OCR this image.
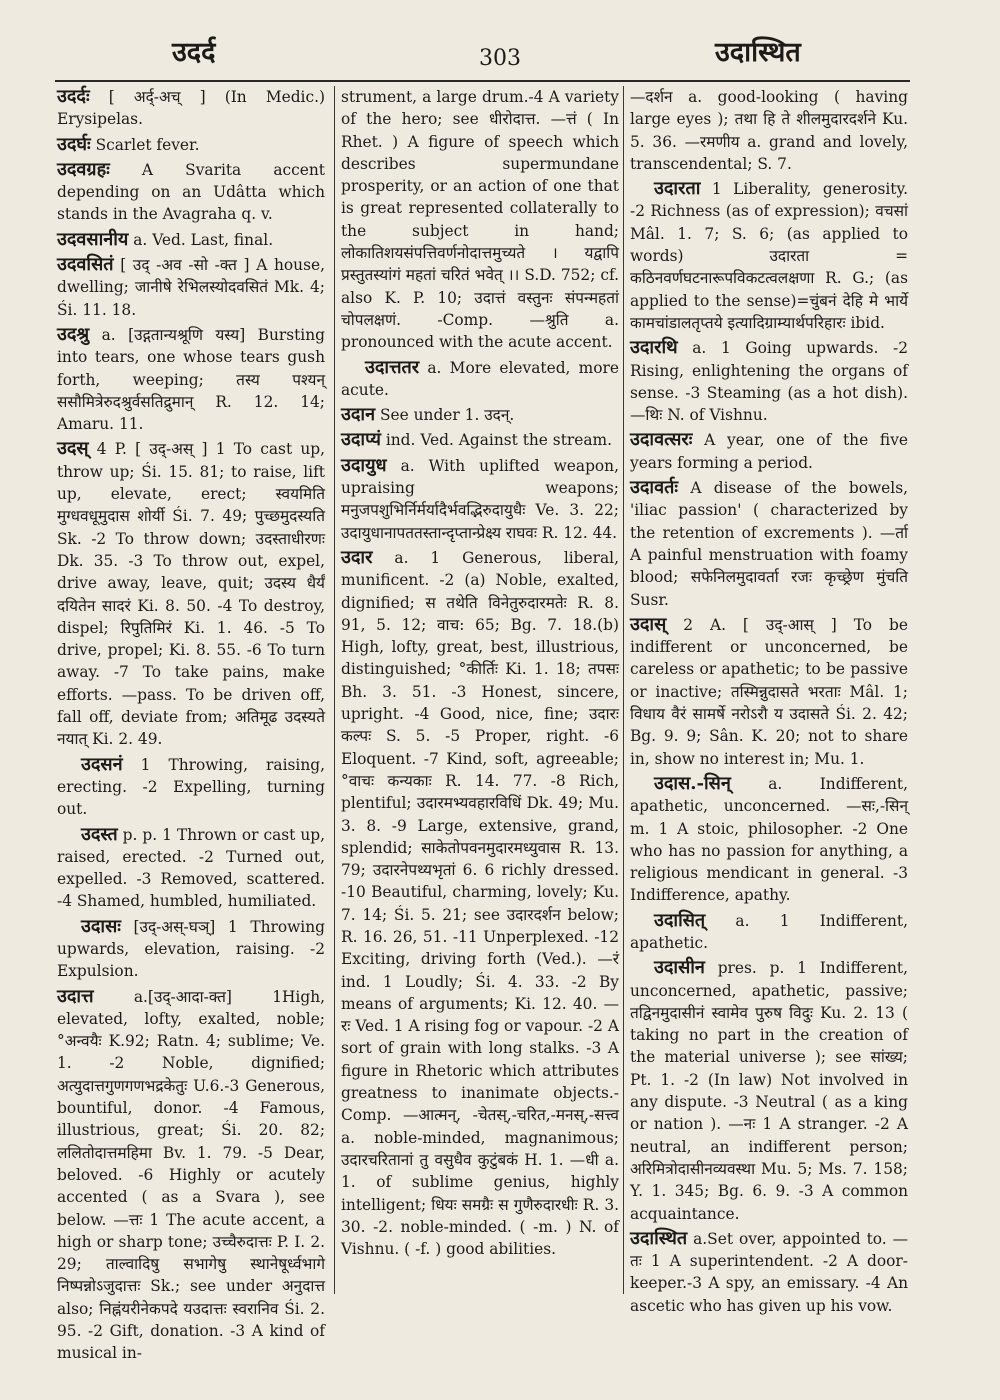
उदर्द	303	उदास्थित

उदर्दः [ अर्द्-अच् ] (In Medic.) Erysipelas.

उदर्घः Scarlet fever.

उदवग्रहः A Svarita accent depending on an Udâtta which stands in the Avagraha q. v.

उदवसानीय a. Ved. Last, final.

उदवसितं [ उद् -अव -सो -क्त ] A house, dwelling; जानीषे रेभिलस्योदवसितं Mk. 4; Śi. 11. 18.

उदश्रु a. [उद्गतान्यश्रूणि यस्य] Bursting into tears, one whose tears gush forth, weeping; तस्य पश्यन् ससौमित्रेरुदश्रुर्वसतिद्रुमान् R. 12. 14; Amaru. 11.

उदस् 4 P. [ उद्-अस् ] 1 To cast up, throw up; Śi. 15. 81; to raise, lift up, elevate, erect; स्वयमिति मुग्धवधूमुदास शोर्यी Śi. 7. 49; पुच्छमुदस्यति Sk. -2 To throw down; उदस्ताधीरणः Dk. 35. -3 To throw out, expel, drive away, leave, quit; उदस्य धैर्यं दयितेन सादरं Ki. 8. 50. -4 To destroy, dispel; रिपुतिमिरं Ki. 1. 46. -5 To drive, propel; Ki. 8. 55. -6 To turn away. -7 To take pains, make efforts. —pass. To be driven off, fall off, deviate from; अतिमूढ उदस्यते नयात् Ki. 2. 49.

उदसनं 1 Throwing, raising, erecting. -2 Expelling, turning out.

उदस्त p. p. 1 Thrown or cast up, raised, erected. -2 Turned out, expelled. -3 Removed, scattered. -4 Shamed, humbled, humiliated.

उदासः [उद्-अस्-घञ्] 1 Throwing upwards, elevation, raising. -2 Expulsion.

उदात्त a.[उद्-आदा-क्त] 1High, elevated, lofty, exalted, noble; °अन्वयैः K.92; Ratn. 4; sublime; Ve. 1. -2 Noble, dignified; अत्युदात्तगुणगणभद्रकेतुः U.6.-3 Generous, bountiful, donor. -4 Famous, illustrious, great; Śi. 20. 82; ललितोदात्तमहिमा Bv. 1. 79. -5 Dear, beloved. -6 Highly or acutely accented ( as a Svara ), see below. —त्तः 1 The acute accent, a high or sharp tone; उच्चैरुदात्तः P. I. 2. 29; ताल्वादिषु सभागेषु स्थानेषूर्ध्वभागे निष्पन्नोऽजुदात्तः Sk.; see under अनुदात्त also; निह्नंयरीनेकपदे यउदात्तः स्वरानिव Śi. 2. 95. -2 Gift, donation. -3 A kind of musical in-

strument, a large drum.-4 A variety of the hero; see धीरोदात्त. —त्तं ( In Rhet. ) A figure of speech which describes supermundane prosperity, or an action of one that is great represented collaterally to the subject in hand; लोकातिशयसंपत्तिवर्णनोदात्तमुच्यते । यद्वापि प्रस्तुतस्यांगं महतां चरितं भवेत् ।। S.D. 752; cf. also K. P. 10; उदात्तं वस्तुनः संपन्महतां चोपलक्षणं. -Comp. —श्रुति a. pronounced with the acute accent.

उदात्ततर a. More elevated, more acute.

उदान See under 1. उदन्.

उदाप्यं ind. Ved. Against the stream.

उदायुध a. With uplifted weapon, upraising weapons; मनुजपशुभिर्निर्मर्यादैर्भवद्भिरुदायुधैः Ve. 3. 22; उदायुधानापततस्तान्दृप्तान्प्रेक्ष्य राघवः R. 12. 44.

उदार a. 1 Generous, liberal, munificent. -2 (a) Noble, exalted, dignified; स तथेति विनेतुरुदारमतेः R. 8. 91, 5. 12; वाच: 65; Bg. 7. 18.(b) High, lofty, great, best, illustrious, distinguished; °कीर्तिः Ki. 1. 18; तपसः Bh. 3. 51. -3 Honest, sincere, upright. -4 Good, nice, fine; उदारः कल्पः S. 5. -5 Proper, right. -6 Eloquent. -7 Kind, soft, agreeable; °वाचः कन्यकाः R. 14. 77. -8 Rich, plentiful; उदारमभ्यवहारविधिं Dk. 49; Mu. 3. 8. -9 Large, extensive, grand, splendid; साकेतोपवनमुदारमध्युवास R. 13. 79; उदारनेपथ्यभृतां 6. 6 richly dressed. -10 Beautiful, charming, lovely; Ku. 7. 14; Śi. 5. 21; see उदारदर्शन below; R. 16. 26, 51. -11 Unperplexed. -12 Exciting, driving forth (Ved.). —रं ind. 1 Loudly; Śi. 4. 33. -2 By means of arguments; Ki. 12. 40. —रः Ved. 1 A rising fog or vapour. -2 A sort of grain with long stalks. -3 A figure in Rhetoric which attributes greatness to inanimate objects.-Comp. —आत्मन्, -चेतस्,-चरित,-मनस्,-सत्त्व a. noble-minded, magnanimous; उदारचरितानां तु वसुधैव कुटुंबकं H. 1. —धी a. 1. of sublime genius, highly intelligent; धियः समग्रैः स गुणैरुदारधीः R. 3. 30. -2. noble-minded. ( -m. ) N. of Vishnu. ( -f. ) good abilities.

—दर्शन a. good-looking ( having large eyes ); तथा हि ते शीलमुदारदर्शने Ku. 5. 36. —रमणीय a. grand and lovely, transcendental; S. 7.

उदारता 1 Liberality, generosity. -2 Richness (as of expression); वचसां Mâl. 1. 7; S. 6; (as applied to words) उदारता = कठिनवर्णघटनारूपविकटत्वलक्षणा R. G.; (as applied to the sense)=चुंबनं देहि मे भार्ये कामचांडालतृप्तये इत्यादिग्राम्यार्थपरिहारः ibid.

उदारथि a. 1 Going upwards. -2 Rising, enlightening the organs of sense. -3 Steaming (as a hot dish). —थिः N. of Vishnu.

उदावत्सरः A year, one of the five years forming a period.

उदावर्तः A disease of the bowels, 'iliac passion' ( characterized by the retention of excrements ). —र्ता A painful menstruation with foamy blood; सफेनिलमुदावर्ता रजः कृच्छ्रेण मुंचति Susr.

उदास् 2 A. [ उद्-आस् ] To be indifferent or unconcerned, be careless or apathetic; to be passive or inactive; तस्मिन्नुदासते भरताः Mâl. 1; विधाय वैरं सामर्षे नरोऽरौ य उदासते Śi. 2. 42; Bg. 9. 9; Sân. K. 20; not to share in, show no interest in; Mu. 1.

उदास.-सिन् a. Indifferent, apathetic, unconcerned. —सः,-सिन् m. 1 A stoic, philosopher. -2 One who has no passion for anything, a religious mendicant in general. -3 Indifference, apathy.

उदासित् a. 1 Indifferent, apathetic.

उदासीन pres. p. 1 Indifferent, unconcerned, apathetic, passive; तद्विनमुदासीनं स्वामेव पुरुष विदुः Ku. 2. 13 ( taking no part in the creation of the material universe ); see सांख्य; Pt. 1. -2 (In law) Not involved in any dispute. -3 Neutral ( as a king or nation ). —नः 1 A stranger. -2 A neutral, an indifferent person; अरिमित्रोदासीनव्यवस्था Mu. 5; Ms. 7. 158; Y. 1. 345; Bg. 6. 9. -3 A common acquaintance.

उदास्थित a.Set over, appointed to. —तः 1 A superintendent. -2 A door-keeper.-3 A spy, an emissary. -4 An ascetic who has given up his vow.
